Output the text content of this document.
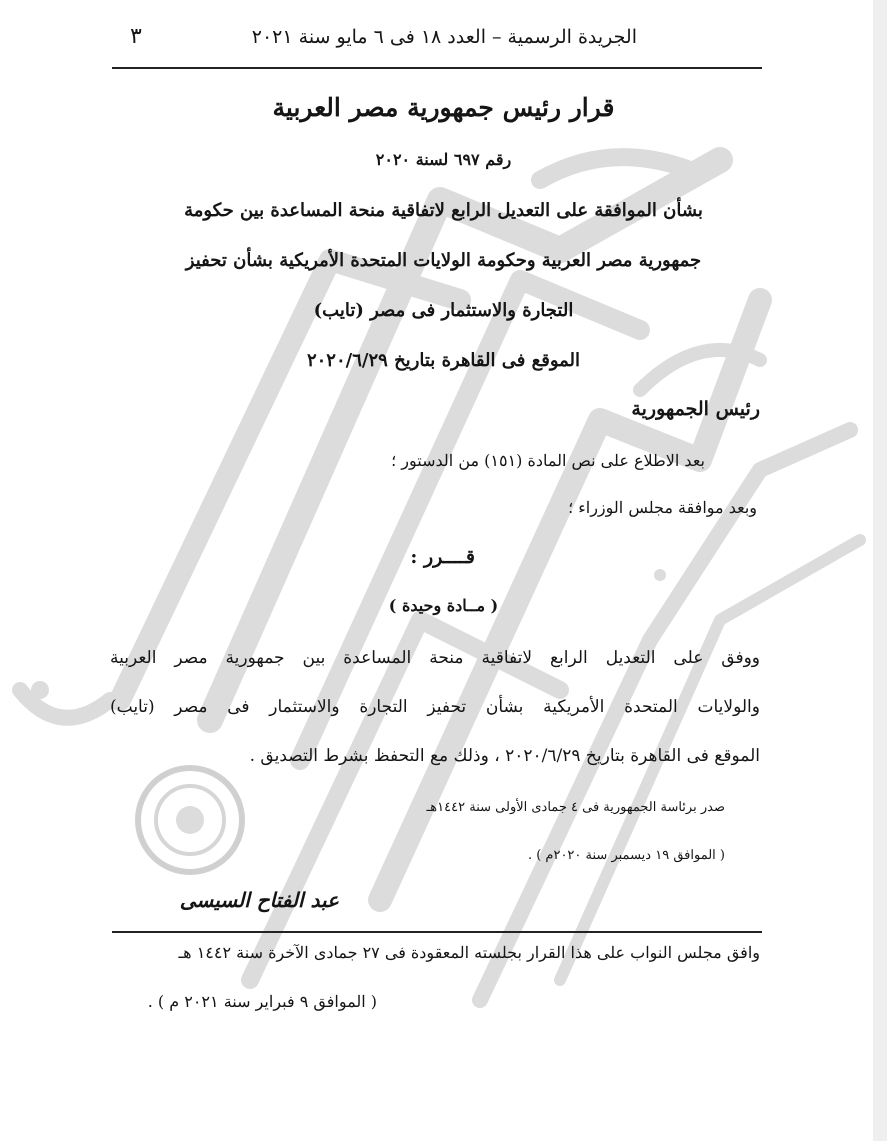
الجريدة الرسمية – العدد ١٨ فى ٦ مايو سنة ٢٠٢١
٣
قرار رئيس جمهورية مصر العربية
رقم ٦٩٧ لسنة ٢٠٢٠
بشأن الموافقة على التعديل الرابع لاتفاقية منحة المساعدة بين حكومة
جمهورية مصر العربية وحكومة الولايات المتحدة الأمريكية بشأن تحفيز
التجارة والاستثمار فى مصر (تايب)
الموقع فى القاهرة بتاريخ ٢٠٢٠/٦/٢٩
رئيس الجمهورية
بعد الاطلاع على نص المادة (١٥١) من الدستور ؛
وبعد موافقة مجلس الوزراء ؛
قــــرر :
( مــادة وحيدة )
ووفق على التعديل الرابع لاتفاقية منحة المساعدة بين جمهورية مصر العربية
والولايات المتحدة الأمريكية بشأن تحفيز التجارة والاستثمار فى مصر (تايب)
الموقع فى القاهرة بتاريخ ٢٠٢٠/٦/٢٩ ، وذلك مع التحفظ بشرط التصديق .
صدر برئاسة الجمهورية فى ٤ جمادى الأولى سنة ١٤٤٢هـ
( الموافق ١٩ ديسمبر سنة ٢٠٢٠م ) .
عبد الفتاح السيسى
وافق مجلس النواب على هذا القرار بجلسته المعقودة فى ٢٧ جمادى الآخرة سنة ١٤٤٢ هـ
( الموافق ٩ فبراير سنة ٢٠٢١ م ) .
